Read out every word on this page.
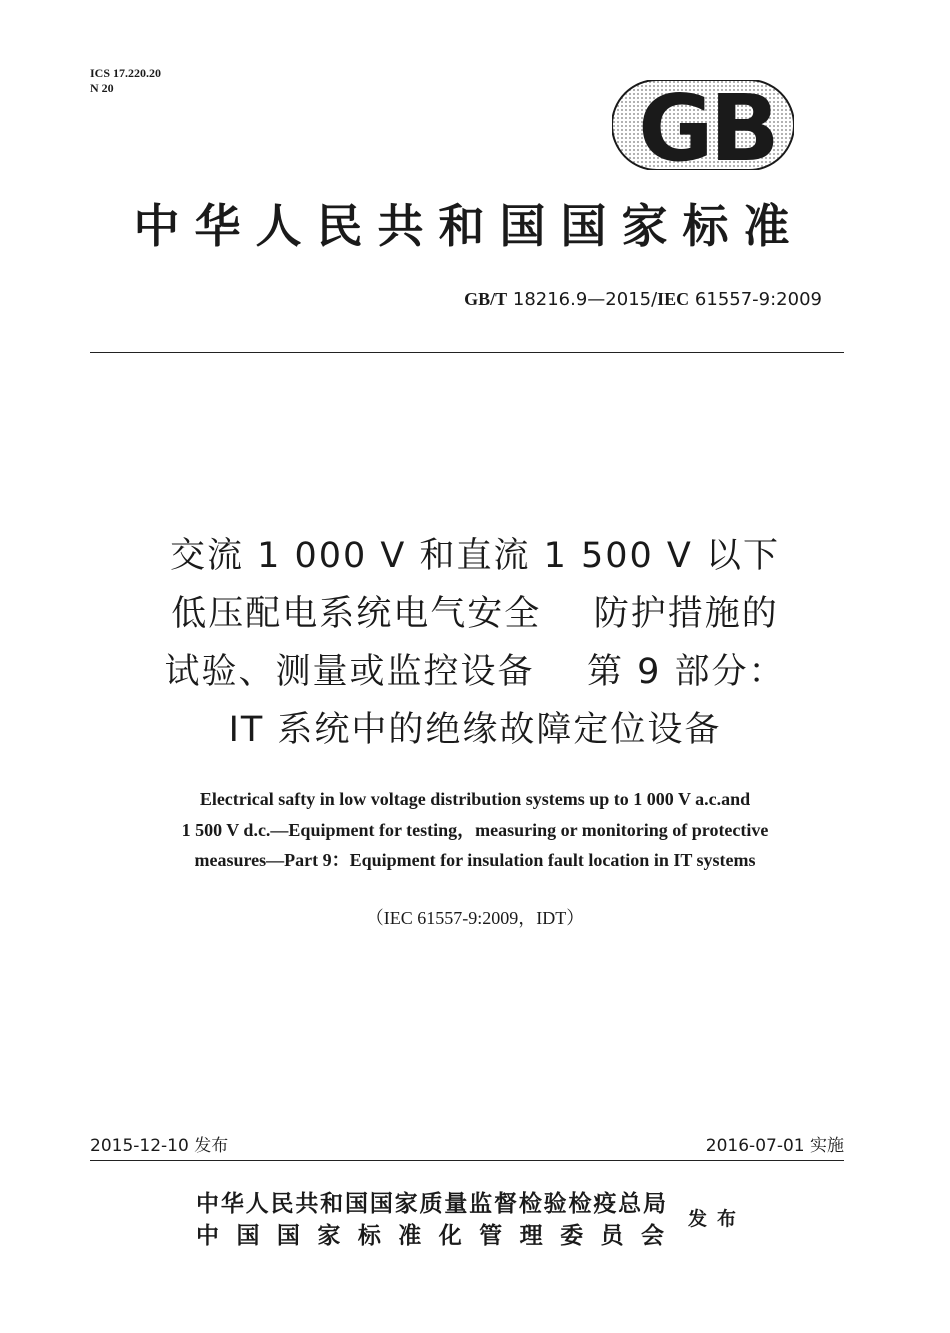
ICS 17.220.20
N 20	GB
中华人民共和国国家标准
GB/T 18216.9—2015/IEC 61557-9:2009
交流 1 000 V 和直流 1 500 V 以下
低压配电系统电气安全    防护措施的
试验、测量或监控设备    第 9 部分：
IT 系统中的绝缘故障定位设备
Electrical safty in low voltage distribution systems up to 1 000 V a.c.and
1 500 V d.c.—Equipment for testing，measuring or monitoring of protective
measures—Part 9：Equipment for insulation fault location in IT systems
（IEC 61557-9:2009，IDT）
2015-12-10 发布	2016-07-01 实施
中华人民共和国国家质量监督检验检疫总局
中国国家标准化管理委员会
发布
